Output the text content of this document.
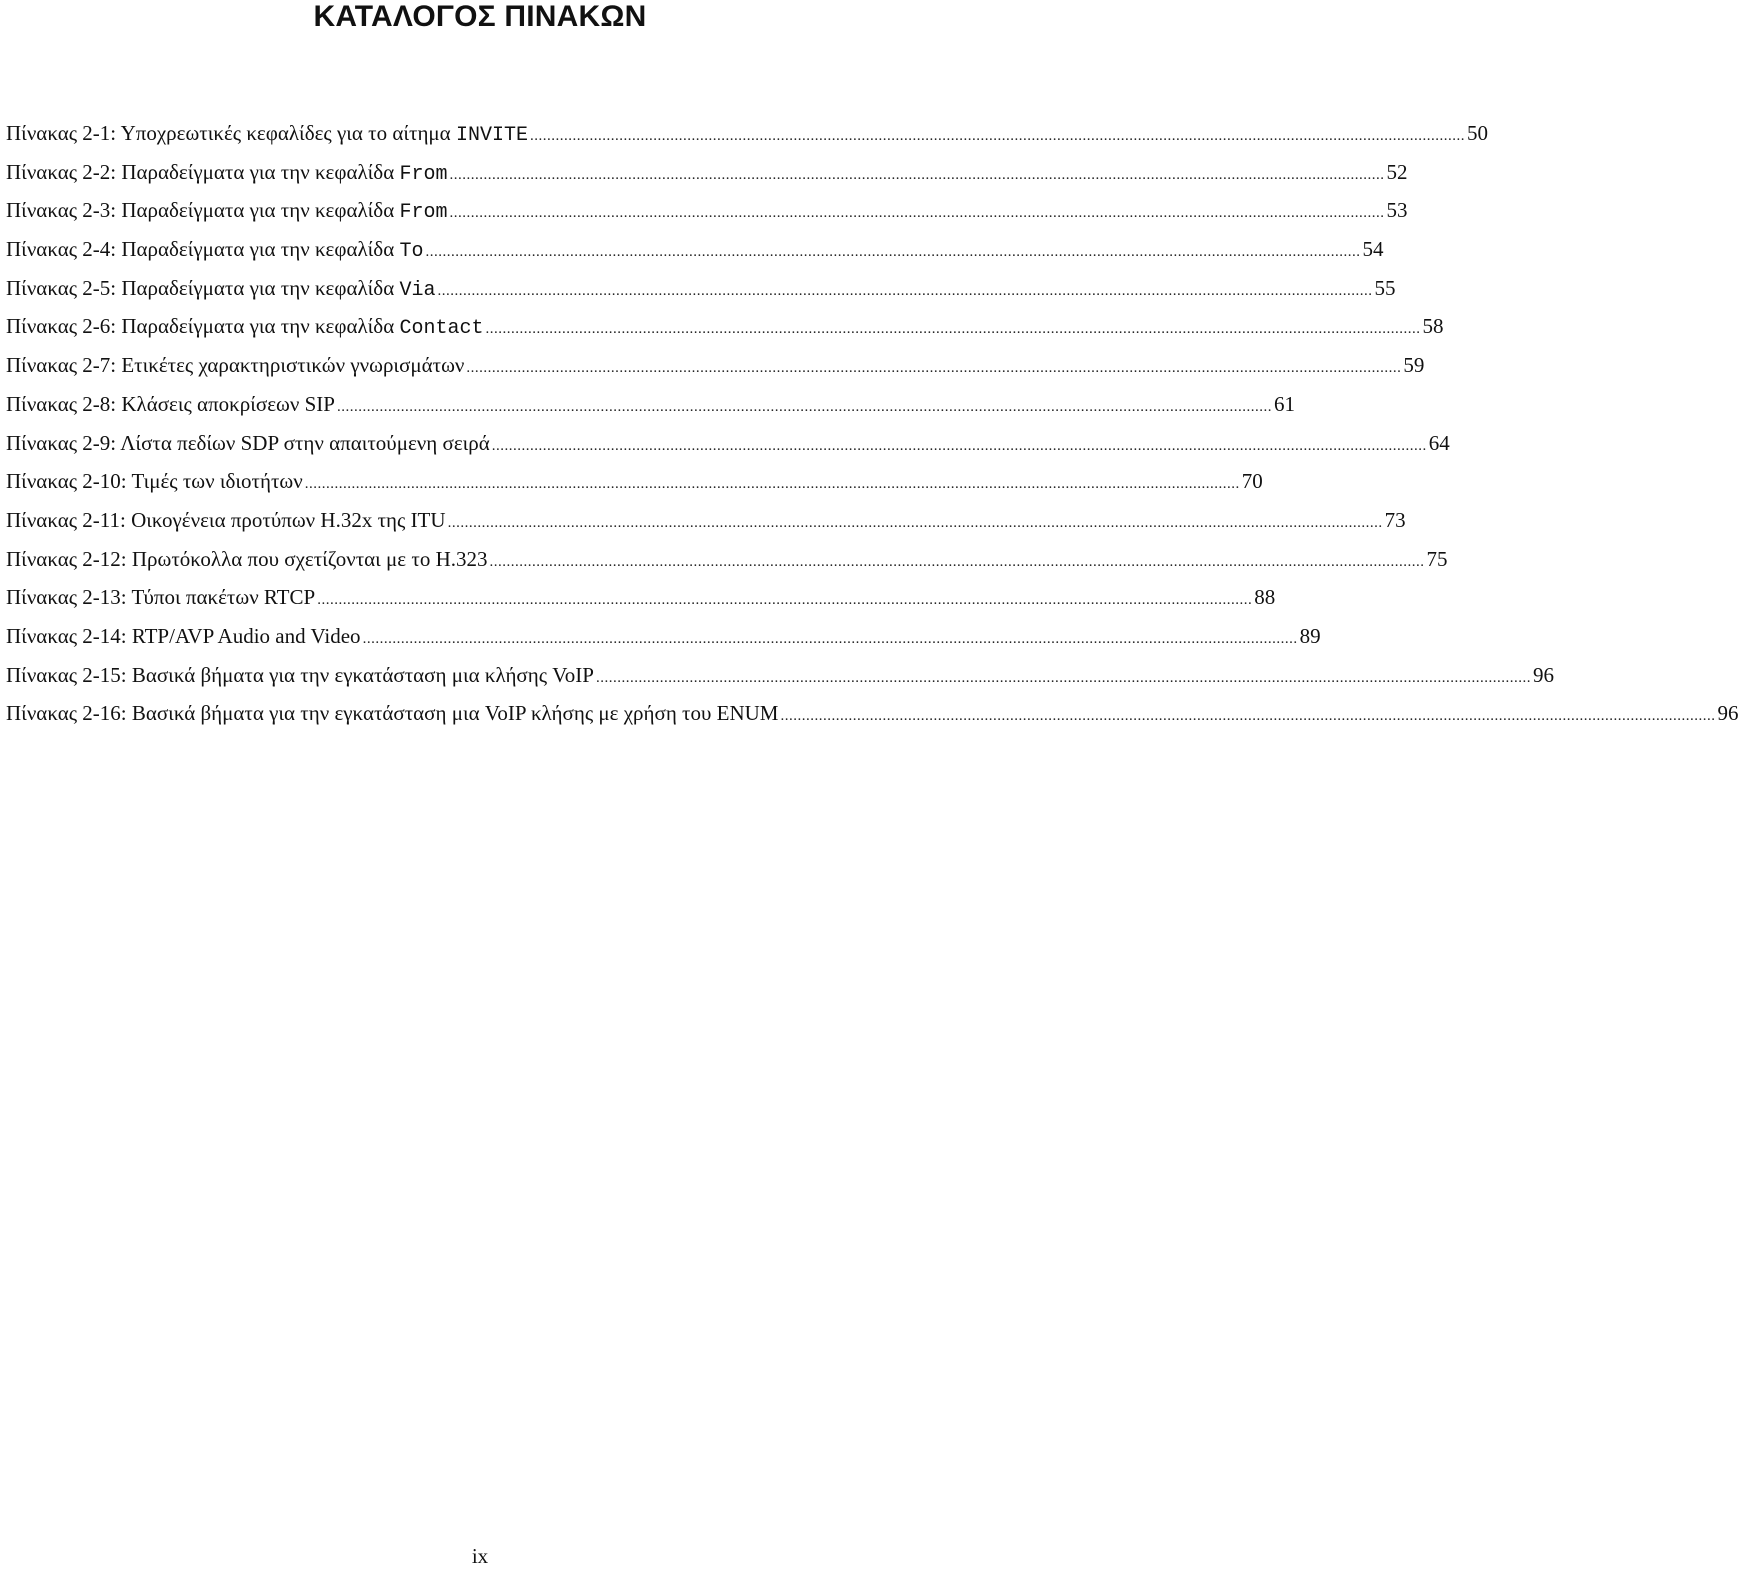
ΚΑΤΑΛΟΓΟΣ ΠΙΝΑΚΩΝ
Πίνακας 2-1: Υποχρεωτικές κεφαλίδες για το αίτημα INVITE ............................................................................................................................................................................................................................ 50
Πίνακας 2-2: Παραδείγματα για την κεφαλίδα From ............................................................................................................................................................................................................................ 52
Πίνακας 2-3: Παραδείγματα για την κεφαλίδα From ............................................................................................................................................................................................................................ 53
Πίνακας 2-4: Παραδείγματα για την κεφαλίδα To ............................................................................................................................................................................................................................ 54
Πίνακας 2-5: Παραδείγματα για την κεφαλίδα Via ............................................................................................................................................................................................................................ 55
Πίνακας 2-6: Παραδείγματα για την κεφαλίδα Contact ............................................................................................................................................................................................................................ 58
Πίνακας 2-7: Ετικέτες χαρακτηριστικών γνωρισμάτων ............................................................................................................................................................................................................................ 59
Πίνακας 2-8: Κλάσεις αποκρίσεων SIP ............................................................................................................................................................................................................................ 61
Πίνακας 2-9: Λίστα πεδίων SDP στην απαιτούμενη σειρά ............................................................................................................................................................................................................................ 64
Πίνακας 2-10: Τιμές των ιδιοτήτων ............................................................................................................................................................................................................................ 70
Πίνακας 2-11: Οικογένεια προτύπων H.32x της ITU ............................................................................................................................................................................................................................ 73
Πίνακας 2-12: Πρωτόκολλα που σχετίζονται με το H.323 ............................................................................................................................................................................................................................ 75
Πίνακας 2-13: Τύποι πακέτων RTCP ............................................................................................................................................................................................................................ 88
Πίνακας 2-14: RTP/AVP Audio and Video ............................................................................................................................................................................................................................ 89
Πίνακας 2-15: Βασικά βήματα για την εγκατάσταση μια κλήσης VoIP ............................................................................................................................................................................................................................ 96
Πίνακας 2-16: Βασικά βήματα για την εγκατάσταση μια VoIP κλήσης με χρήση του ENUM ............................................................................................................................................................................................................................ 96
ix
